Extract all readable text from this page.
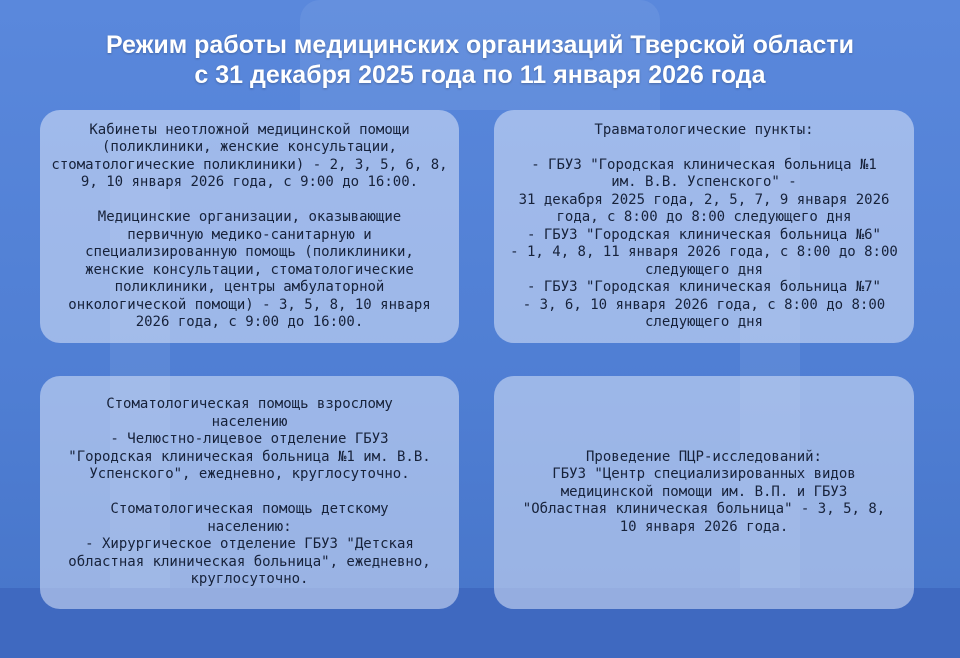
Режим работы медицинских организаций Тверской области
с 31 декабря 2025 года по 11 января 2026 года

Кабинеты неотложной медицинской помощи
(поликлиники, женские консультации,
стоматологические поликлиники) - 2, 3, 5, 6, 8,
9, 10 января 2026 года, с 9:00 до 16:00.

Медицинские организации, оказывающие
первичную медико-санитарную и
специализированную помощь (поликлиники,
женские консультации, стоматологические
поликлиники, центры амбулаторной
онкологической помощи) - 3, 5, 8, 10 января
2026 года, с 9:00 до 16:00.

Травматологические пункты:

- ГБУЗ "Городская клиническая больница №1
им. В.В. Успенского" -
31 декабря 2025 года, 2, 5, 7, 9 января 2026
года, с 8:00 до 8:00 следующего дня
- ГБУЗ "Городская клиническая больница №6"
- 1, 4, 8, 11 января 2026 года, с 8:00 до 8:00
следующего дня
- ГБУЗ "Городская клиническая больница №7"
- 3, 6, 10 января 2026 года, с 8:00 до 8:00
следующего дня

Стоматологическая помощь взрослому
населению
- Челюстно-лицевое отделение ГБУЗ
"Городская клиническая больница №1 им. В.В.
Успенского", ежедневно, круглосуточно.

Стоматологическая помощь детскому
населению:
- Хирургическое отделение ГБУЗ "Детская
областная клиническая больница", ежедневно,
круглосуточно.

Проведение ПЦР-исследований:

ГБУЗ "Центр специализированных видов
медицинской помощи им. В.П. и ГБУЗ
"Областная клиническая больница" - 3, 5, 8,
10 января 2026 года.
